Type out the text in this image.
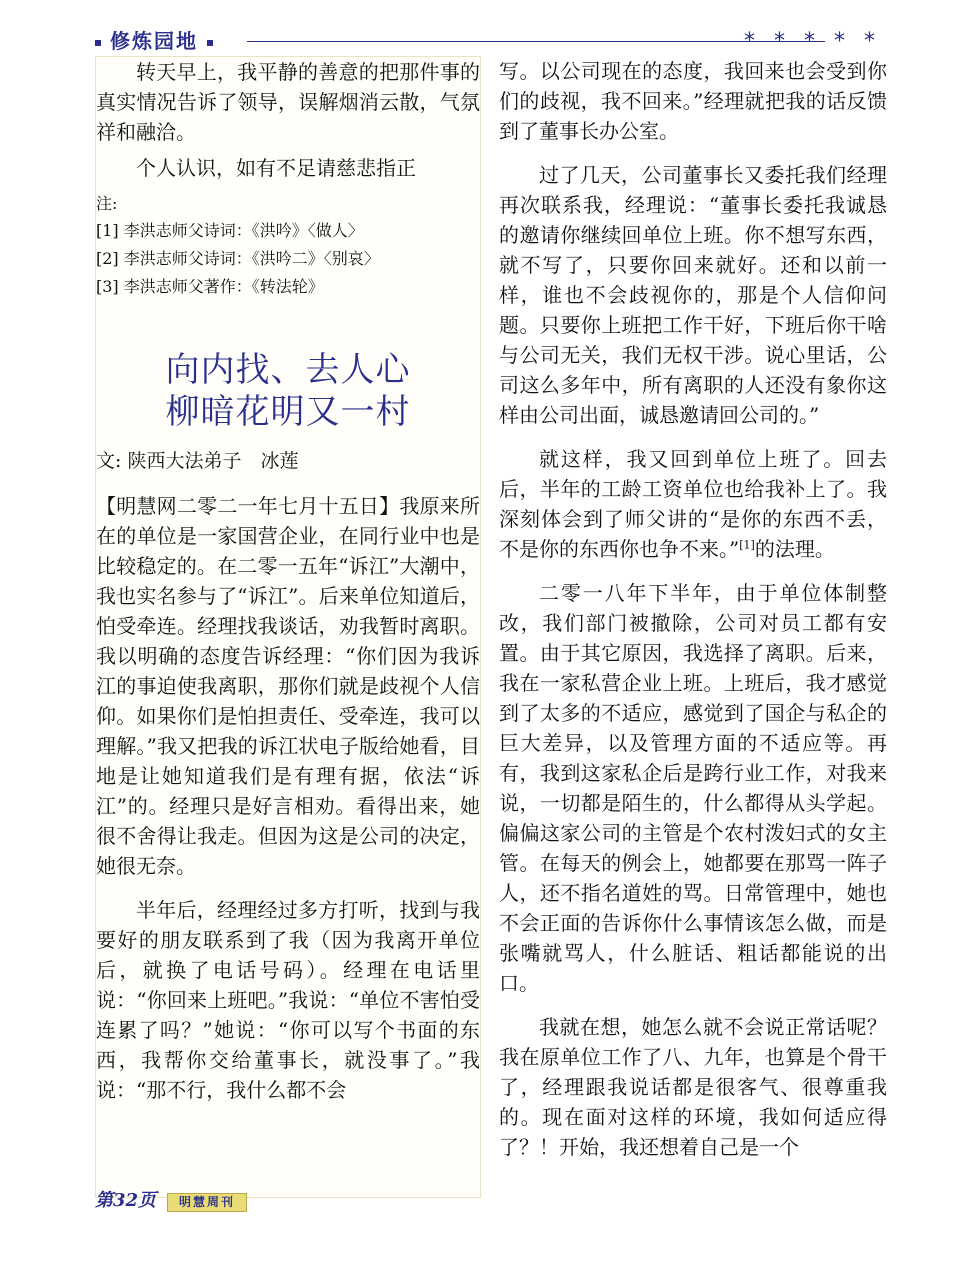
修炼园地	* * * * *

转天早上，我平静的善意的把那件事的真实情况告诉了领导，误解烟消云散，气氛祥和融洽。

个人认识，如有不足请慈悲指正

注:
[1] 李洪志师父诗词：《洪吟》〈做人〉
[2] 李洪志师父诗词：《洪吟二》〈别哀〉
[3] 李洪志师父著作：《转法轮》
向内找、去人心
柳暗花明又一村
文: 陕西大法弟子　冰莲

【明慧网二零二一年七月十五日】我原来所在的单位是一家国营企业，在同行业中也是比较稳定的。在二零一五年“诉江”大潮中，我也实名参与了“诉江”。后来单位知道后，怕受牵连。经理找我谈话，劝我暂时离职。我以明确的态度告诉经理：“你们因为我诉江的事迫使我离职，那你们就是歧视个人信仰。如果你们是怕担责任、受牵连，我可以理解。”我又把我的诉江状电子版给她看，目地是让她知道我们是有理有据，依法“诉江”的。经理只是好言相劝。看得出来，她很不舍得让我走。但因为这是公司的决定，她很无奈。

半年后，经理经过多方打听，找到与我要好的朋友联系到了我（因为我离开单位后，就换了电话号码）。经理在电话里说：“你回来上班吧。”我说：“单位不害怕受连累了吗？”她说：“你可以写个书面的东西，我帮你交给董事长，就没事了。”我说：“那不行，我什么都不会

写。以公司现在的态度，我回来也会受到你们的歧视，我不回来。”经理就把我的话反馈到了董事长办公室。

过了几天，公司董事长又委托我们经理再次联系我，经理说：“董事长委托我诚恳的邀请你继续回单位上班。你不想写东西，就不写了，只要你回来就好。还和以前一样，谁也不会歧视你的，那是个人信仰问题。只要你上班把工作干好，下班后你干啥与公司无关，我们无权干涉。说心里话，公司这么多年中，所有离职的人还没有象你这样由公司出面，诚恳邀请回公司的。”

就这样，我又回到单位上班了。回去后，半年的工龄工资单位也给我补上了。我深刻体会到了师父讲的“是你的东西不丢，不是你的东西你也争不来。”[1]的法理。

二零一八年下半年，由于单位体制整改，我们部门被撤除，公司对员工都有安置。由于其它原因，我选择了离职。后来，我在一家私营企业上班。上班后，我才感觉到了太多的不适应，感觉到了国企与私企的巨大差异，以及管理方面的不适应等。再有，我到这家私企后是跨行业工作，对我来说，一切都是陌生的，什么都得从头学起。偏偏这家公司的主管是个农村泼妇式的女主管。在每天的例会上，她都要在那骂一阵子人，还不指名道姓的骂。日常管理中，她也不会正面的告诉你什么事情该怎么做，而是张嘴就骂人，什么脏话、粗话都能说的出口。

我就在想，她怎么就不会说正常话呢？我在原单位工作了八、九年，也算是个骨干了，经理跟我说话都是很客气、很尊重我的。现在面对这样的环境，我如何适应得了？！开始，我还想着自己是一个

第32页	明慧周刊
